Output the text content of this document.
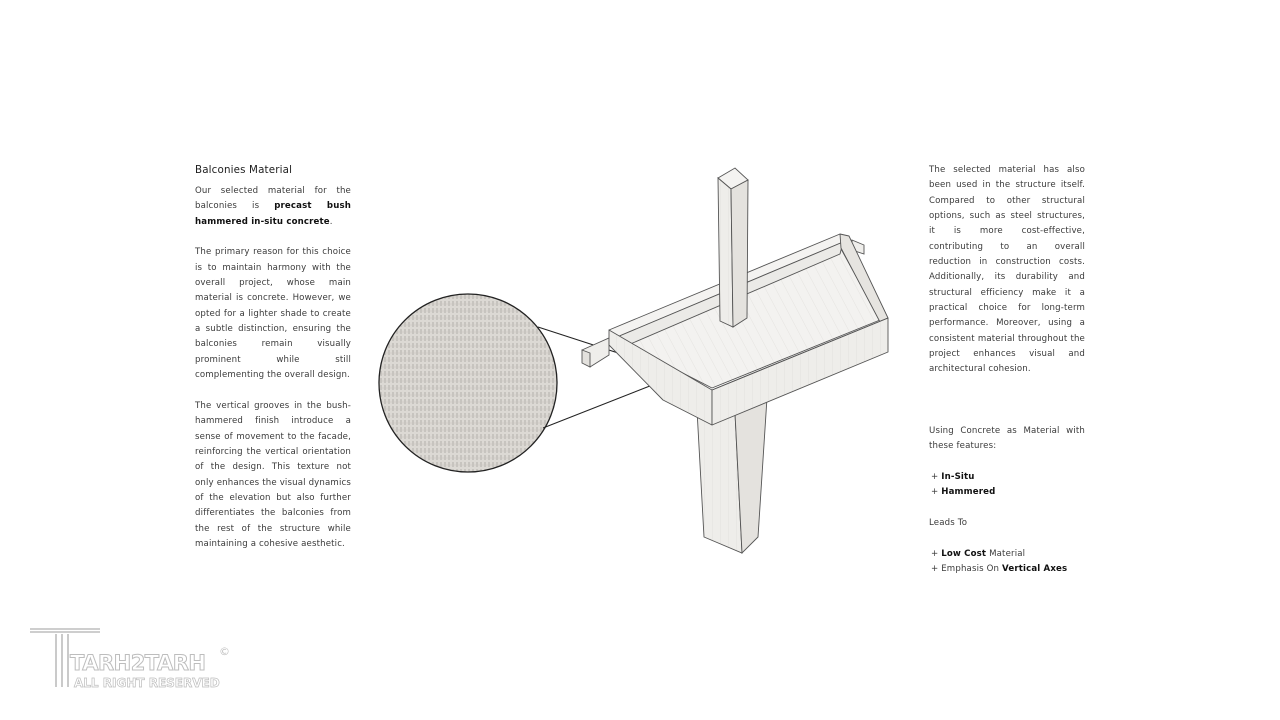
Balconies Material

Our selected material for the balconies is precast bush hammered in-situ concrete.

The primary reason for this choice is to maintain harmony with the overall project, whose main material is concrete. However, we opted for a lighter shade to create a subtle distinction, ensuring the balconies remain visually prominent while still complementing the overall design.

The vertical grooves in the bush-hammered finish introduce a sense of movement to the facade, reinforcing the vertical orientation of the design. This texture not only enhances the visual dynamics of the elevation but also further differentiates the balconies from the rest of the structure while maintaining a cohesive aesthetic.

The selected material has also been used in the structure itself. Compared to other structural options, such as steel structures, it is more cost-effective, contributing to an overall reduction in construction costs. Additionally, its durability and structural efficiency make it a practical choice for long-term performance. Moreover, using a consistent material throughout the project enhances visual and architectural cohesion.

Using Concrete as Material with these features:

+ In-Situ

+ Hammered

Leads To

+ Low Cost Material

+ Emphasis On Vertical Axes

TARH2TARH
ALL RIGHT RESERVED
©
